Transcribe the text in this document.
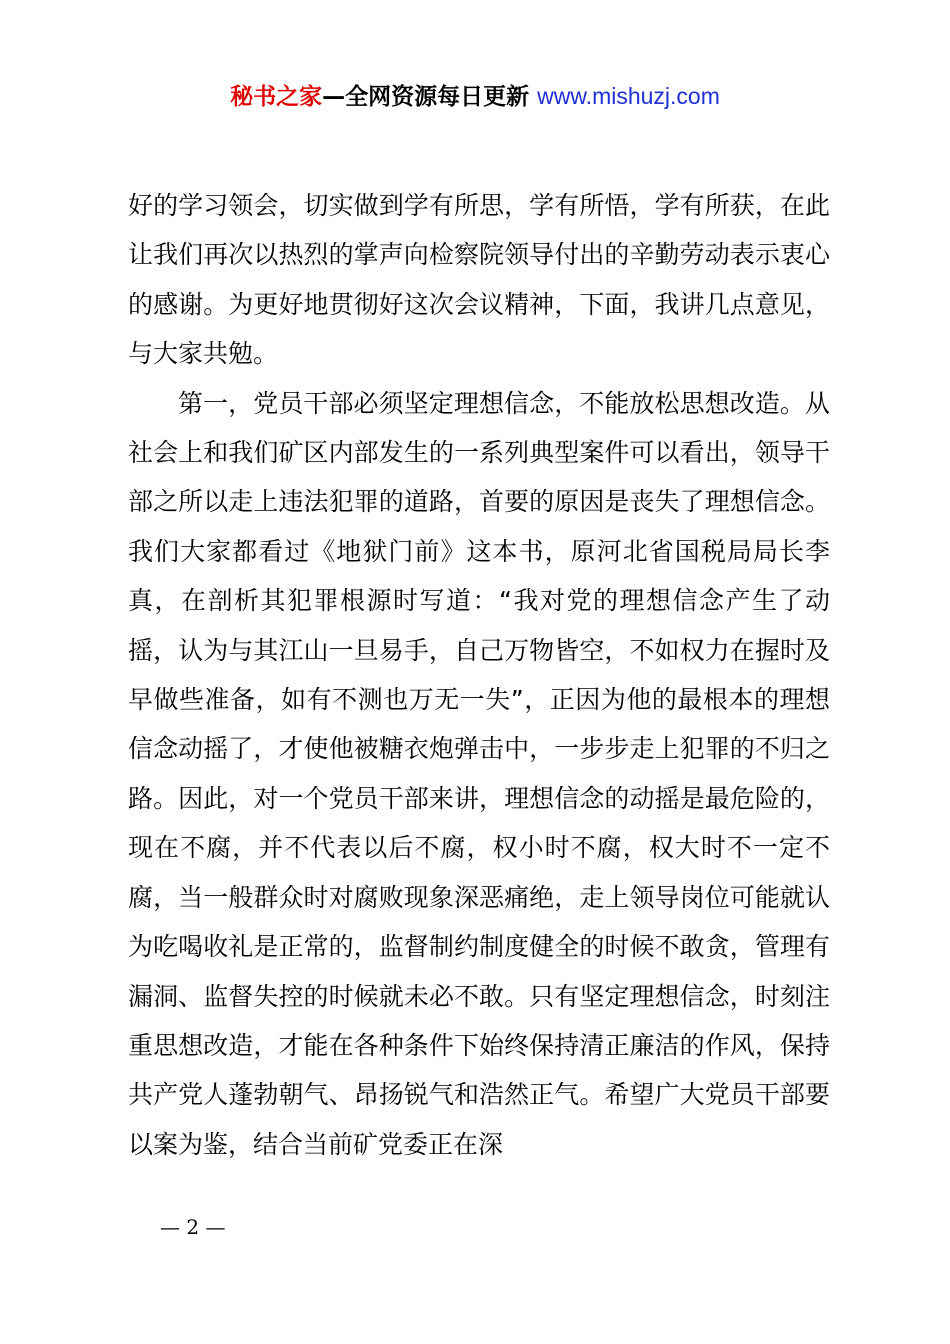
秘书之家—全网资源每日更新 www.mishuzj.com

好的学习领会，切实做到学有所思，学有所悟，学有所获，在此让我们再次以热烈的掌声向检察院领导付出的辛勤劳动表示衷心的感谢。为更好地贯彻好这次会议精神，下面，我讲几点意见，与大家共勉。

第一，党员干部必须坚定理想信念，不能放松思想改造。从社会上和我们矿区内部发生的一系列典型案件可以看出，领导干部之所以走上违法犯罪的道路，首要的原因是丧失了理想信念。我们大家都看过《地狱门前》这本书，原河北省国税局局长李真，在剖析其犯罪根源时写道：“我对党的理想信念产生了动摇，认为与其江山一旦易手，自己万物皆空，不如权力在握时及早做些准备，如有不测也万无一失”，正因为他的最根本的理想信念动摇了，才使他被糖衣炮弹击中，一步步走上犯罪的不归之路。因此，对一个党员干部来讲，理想信念的动摇是最危险的，现在不腐，并不代表以后不腐，权小时不腐，权大时不一定不腐，当一般群众时对腐败现象深恶痛绝，走上领导岗位可能就认为吃喝收礼是正常的，监督制约制度健全的时候不敢贪，管理有漏洞、监督失控的时候就未必不敢。只有坚定理想信念，时刻注重思想改造，才能在各种条件下始终保持清正廉洁的作风，保持共产党人蓬勃朝气、昂扬锐气和浩然正气。希望广大党员干部要以案为鉴，结合当前矿党委正在深

— 2 —
